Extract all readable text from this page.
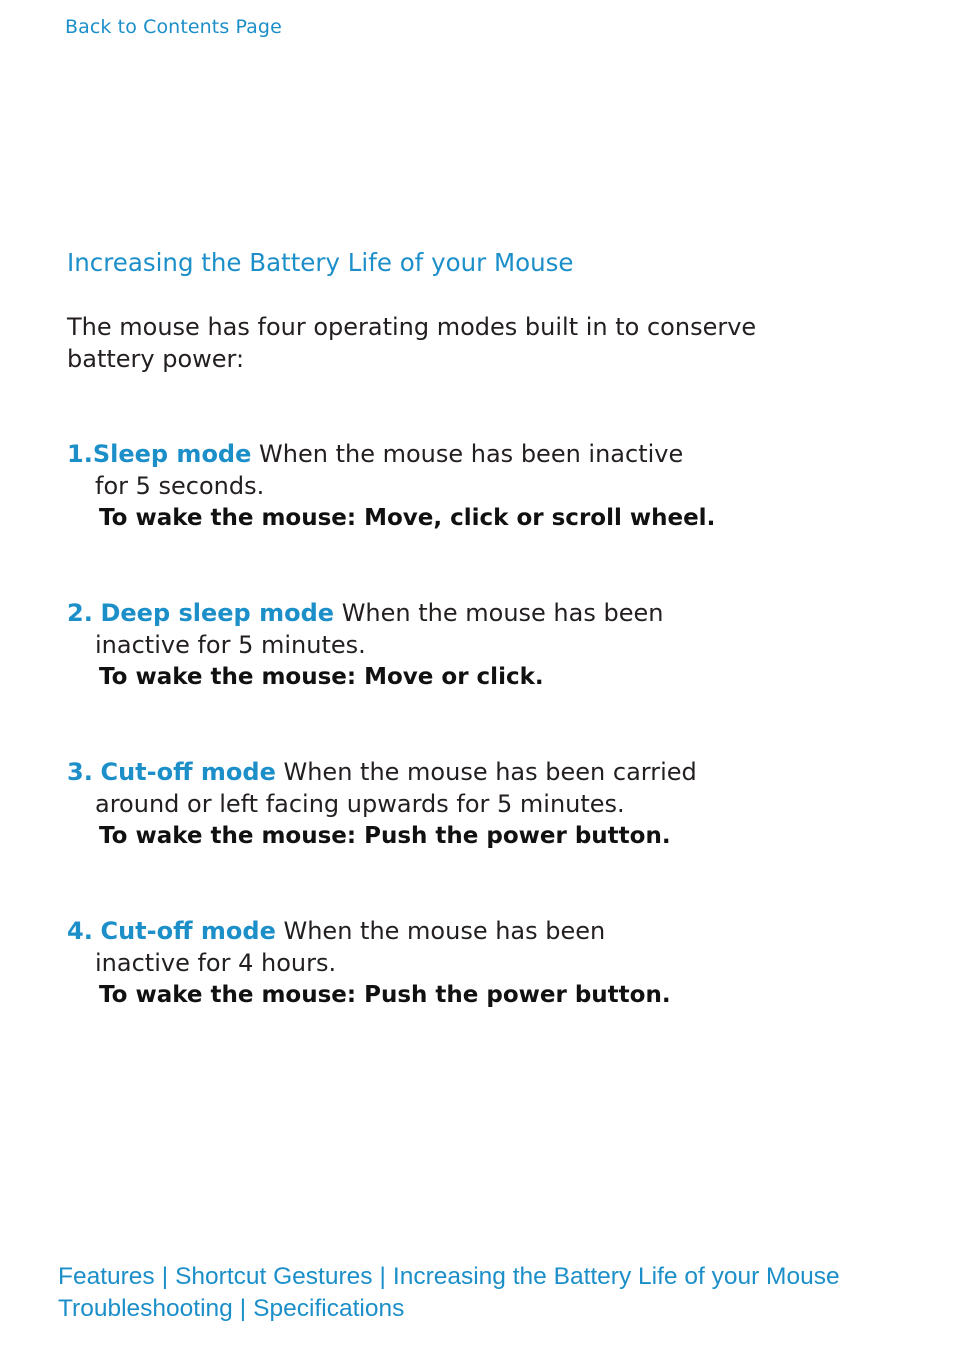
Back to Contents Page
Increasing the Battery Life of your Mouse

The mouse has four operating modes built in to conserve battery power:

1.Sleep mode When the mouse has been inactive
for 5 seconds.
To wake the mouse: Move, click or scroll wheel.
2. Deep sleep mode When the mouse has been
inactive for 5 minutes.
To wake the mouse: Move or click.
3. Cut-off mode When the mouse has been carried
around or left facing upwards for 5 minutes.
To wake the mouse: Push the power button.
4. Cut-off mode When the mouse has been
inactive for 4 hours.
To wake the mouse: Push the power button.
Features | Shortcut Gestures | Increasing the Battery Life of your Mouse
Troubleshooting | Specifications
